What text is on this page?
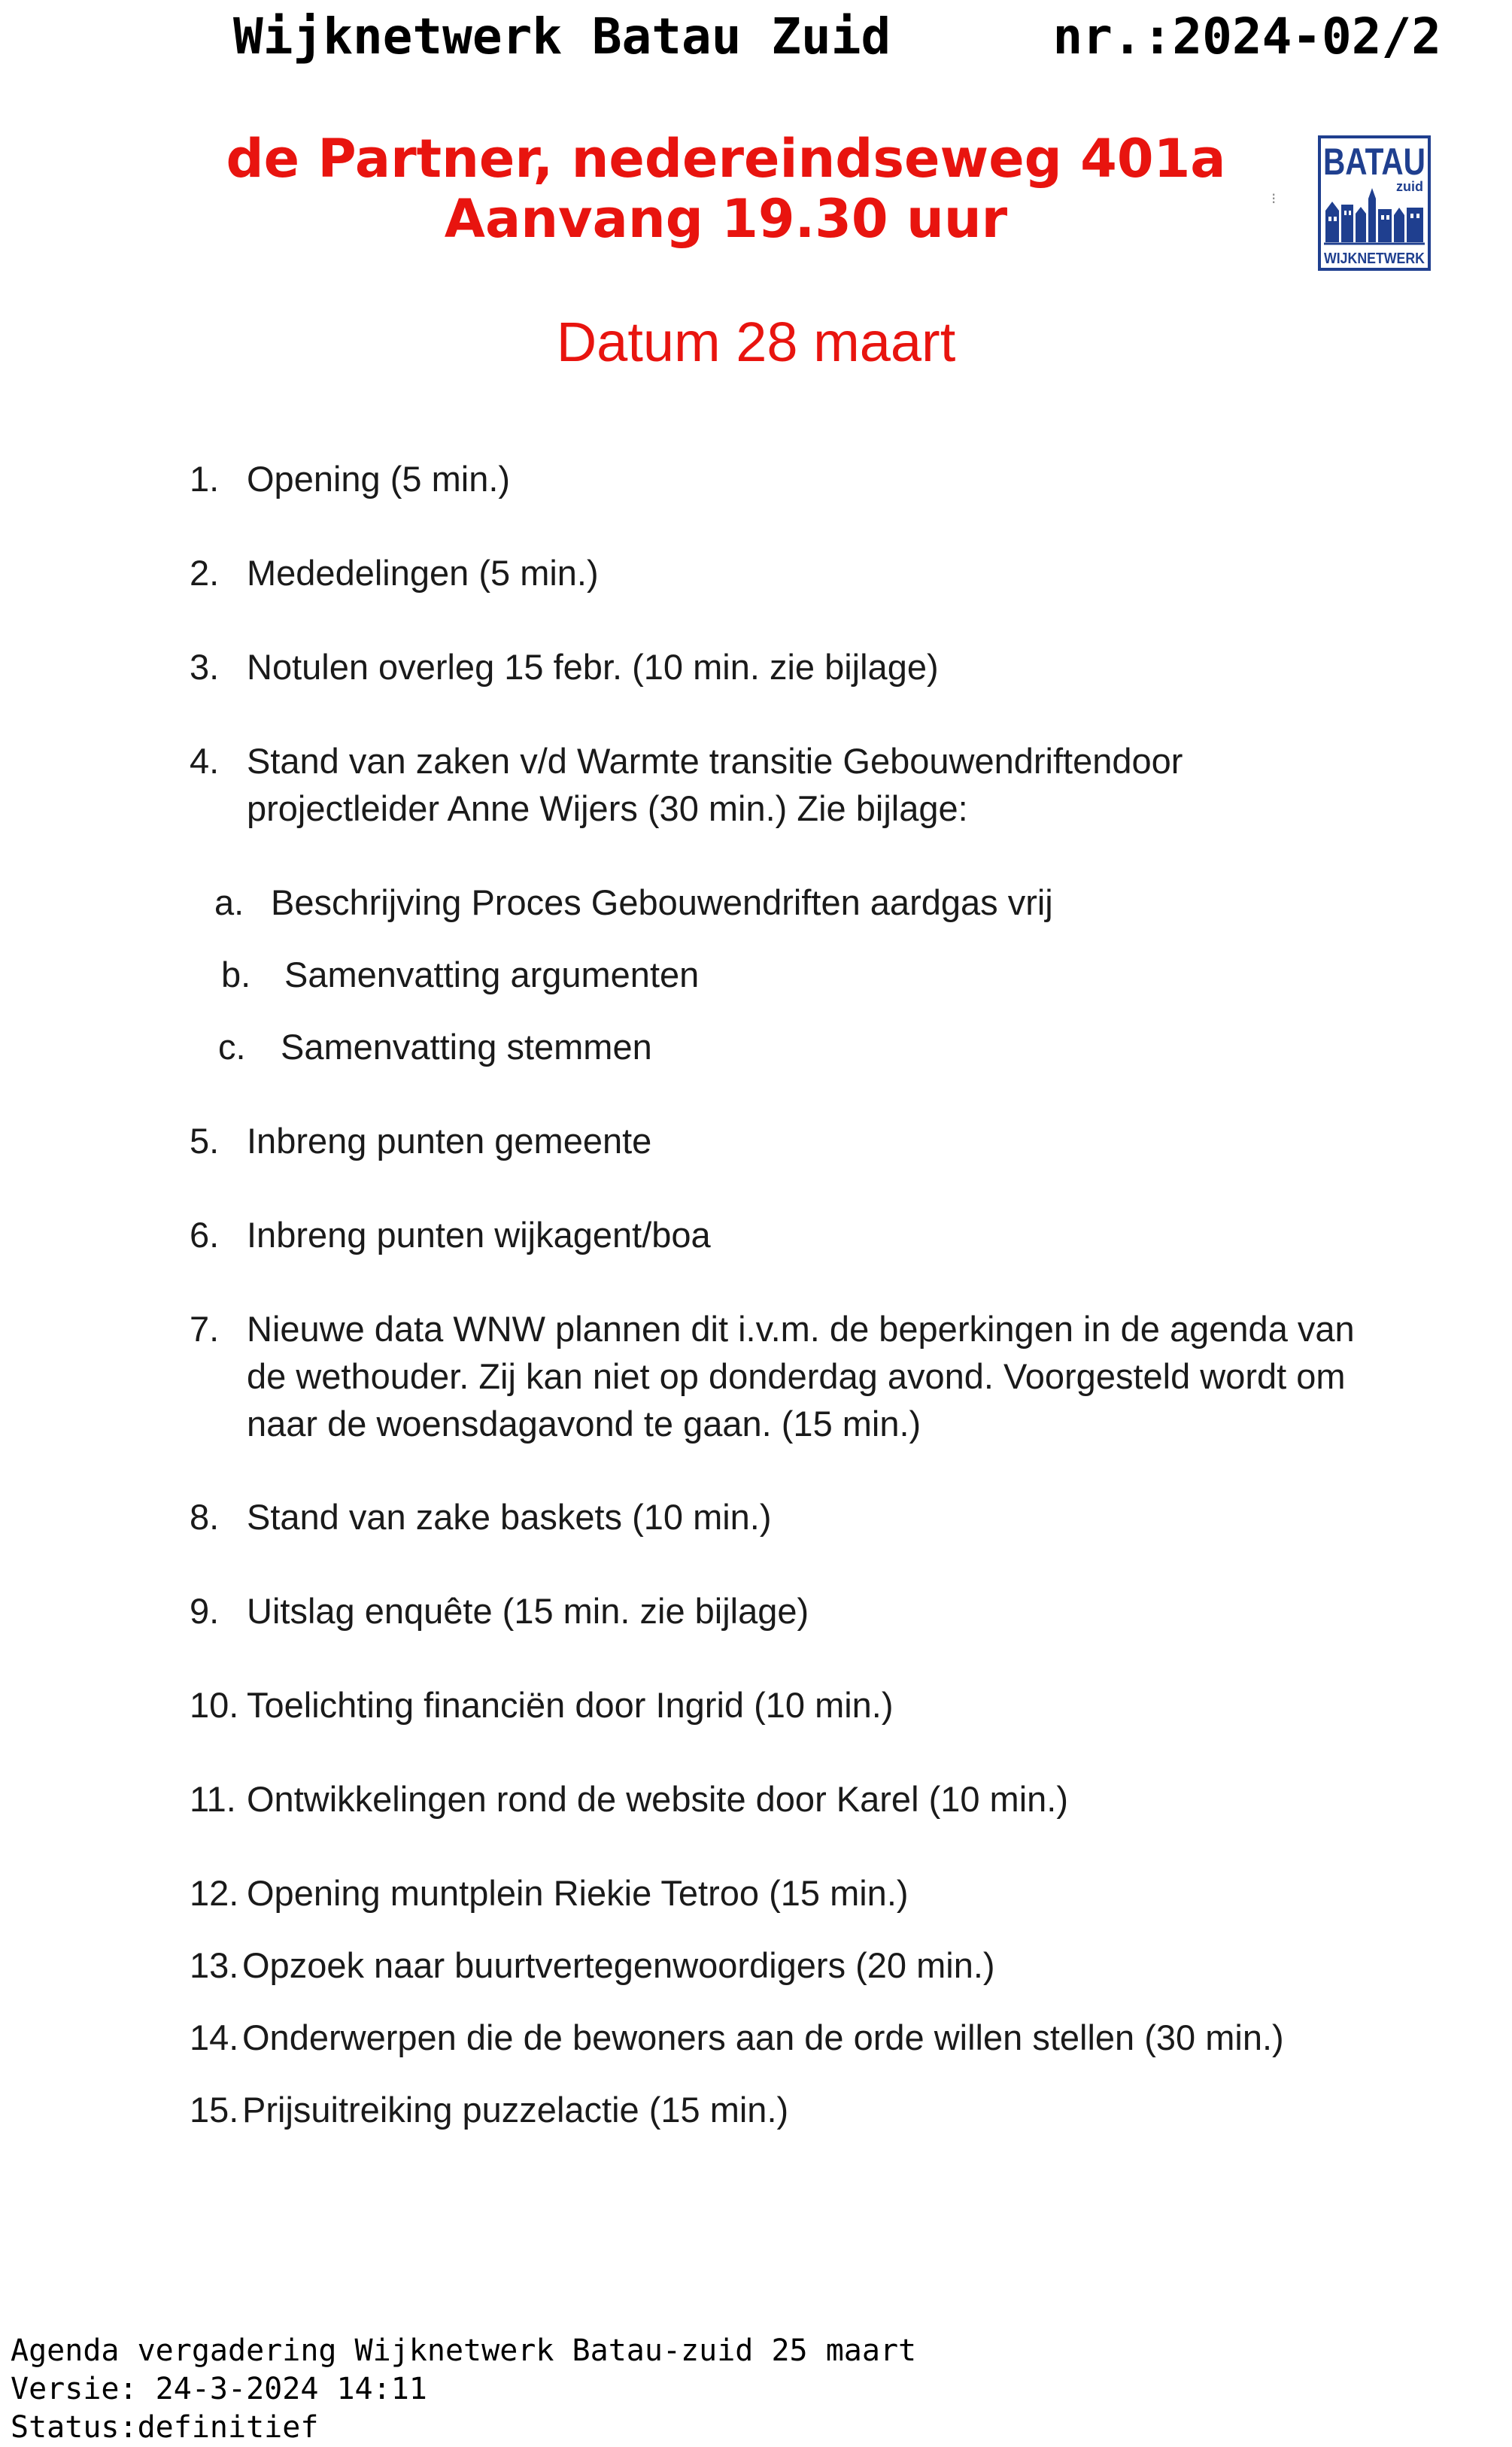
Wijknetwerk Batau Zuid	nr.:2024-02/2
de Partner, nedereindseweg 401a
Aanvang 19.30 uur	⁝
BATAU
zuid
WIJKNETWERK
Datum 28 maart
1. Opening (5 min.)
2. Mededelingen (5 min.)
3. Notulen overleg 15 febr. (10 min. zie bijlage)
4. Stand van zaken v/d Warmte transitie Gebouwendriftendoor
projectleider Anne Wijers (30 min.) Zie bijlage:
a. Beschrijving Proces Gebouwendriften aardgas vrij
b. Samenvatting argumenten
c. Samenvatting stemmen
5. Inbreng punten gemeente
6. Inbreng punten wijkagent/boa
7. Nieuwe data WNW plannen dit i.v.m. de beperkingen in de agenda van
de wethouder. Zij kan niet op donderdag avond. Voorgesteld wordt om
naar de woensdagavond te gaan. (15 min.)
8. Stand van zake baskets (10 min.)
9. Uitslag enquête (15 min. zie bijlage)
10. Toelichting financiën door Ingrid (10 min.)
11. Ontwikkelingen rond de website door Karel (10 min.)
12. Opening muntplein Riekie Tetroo (15 min.)
13. Opzoek naar buurtvertegenwoordigers (20 min.)
14. Onderwerpen die de bewoners aan de orde willen stellen (30 min.)
15. Prijsuitreiking puzzelactie (15 min.)
Agenda vergadering Wijknetwerk Batau-zuid 25 maart
Versie: 24-3-2024 14:11
Status:definitief
